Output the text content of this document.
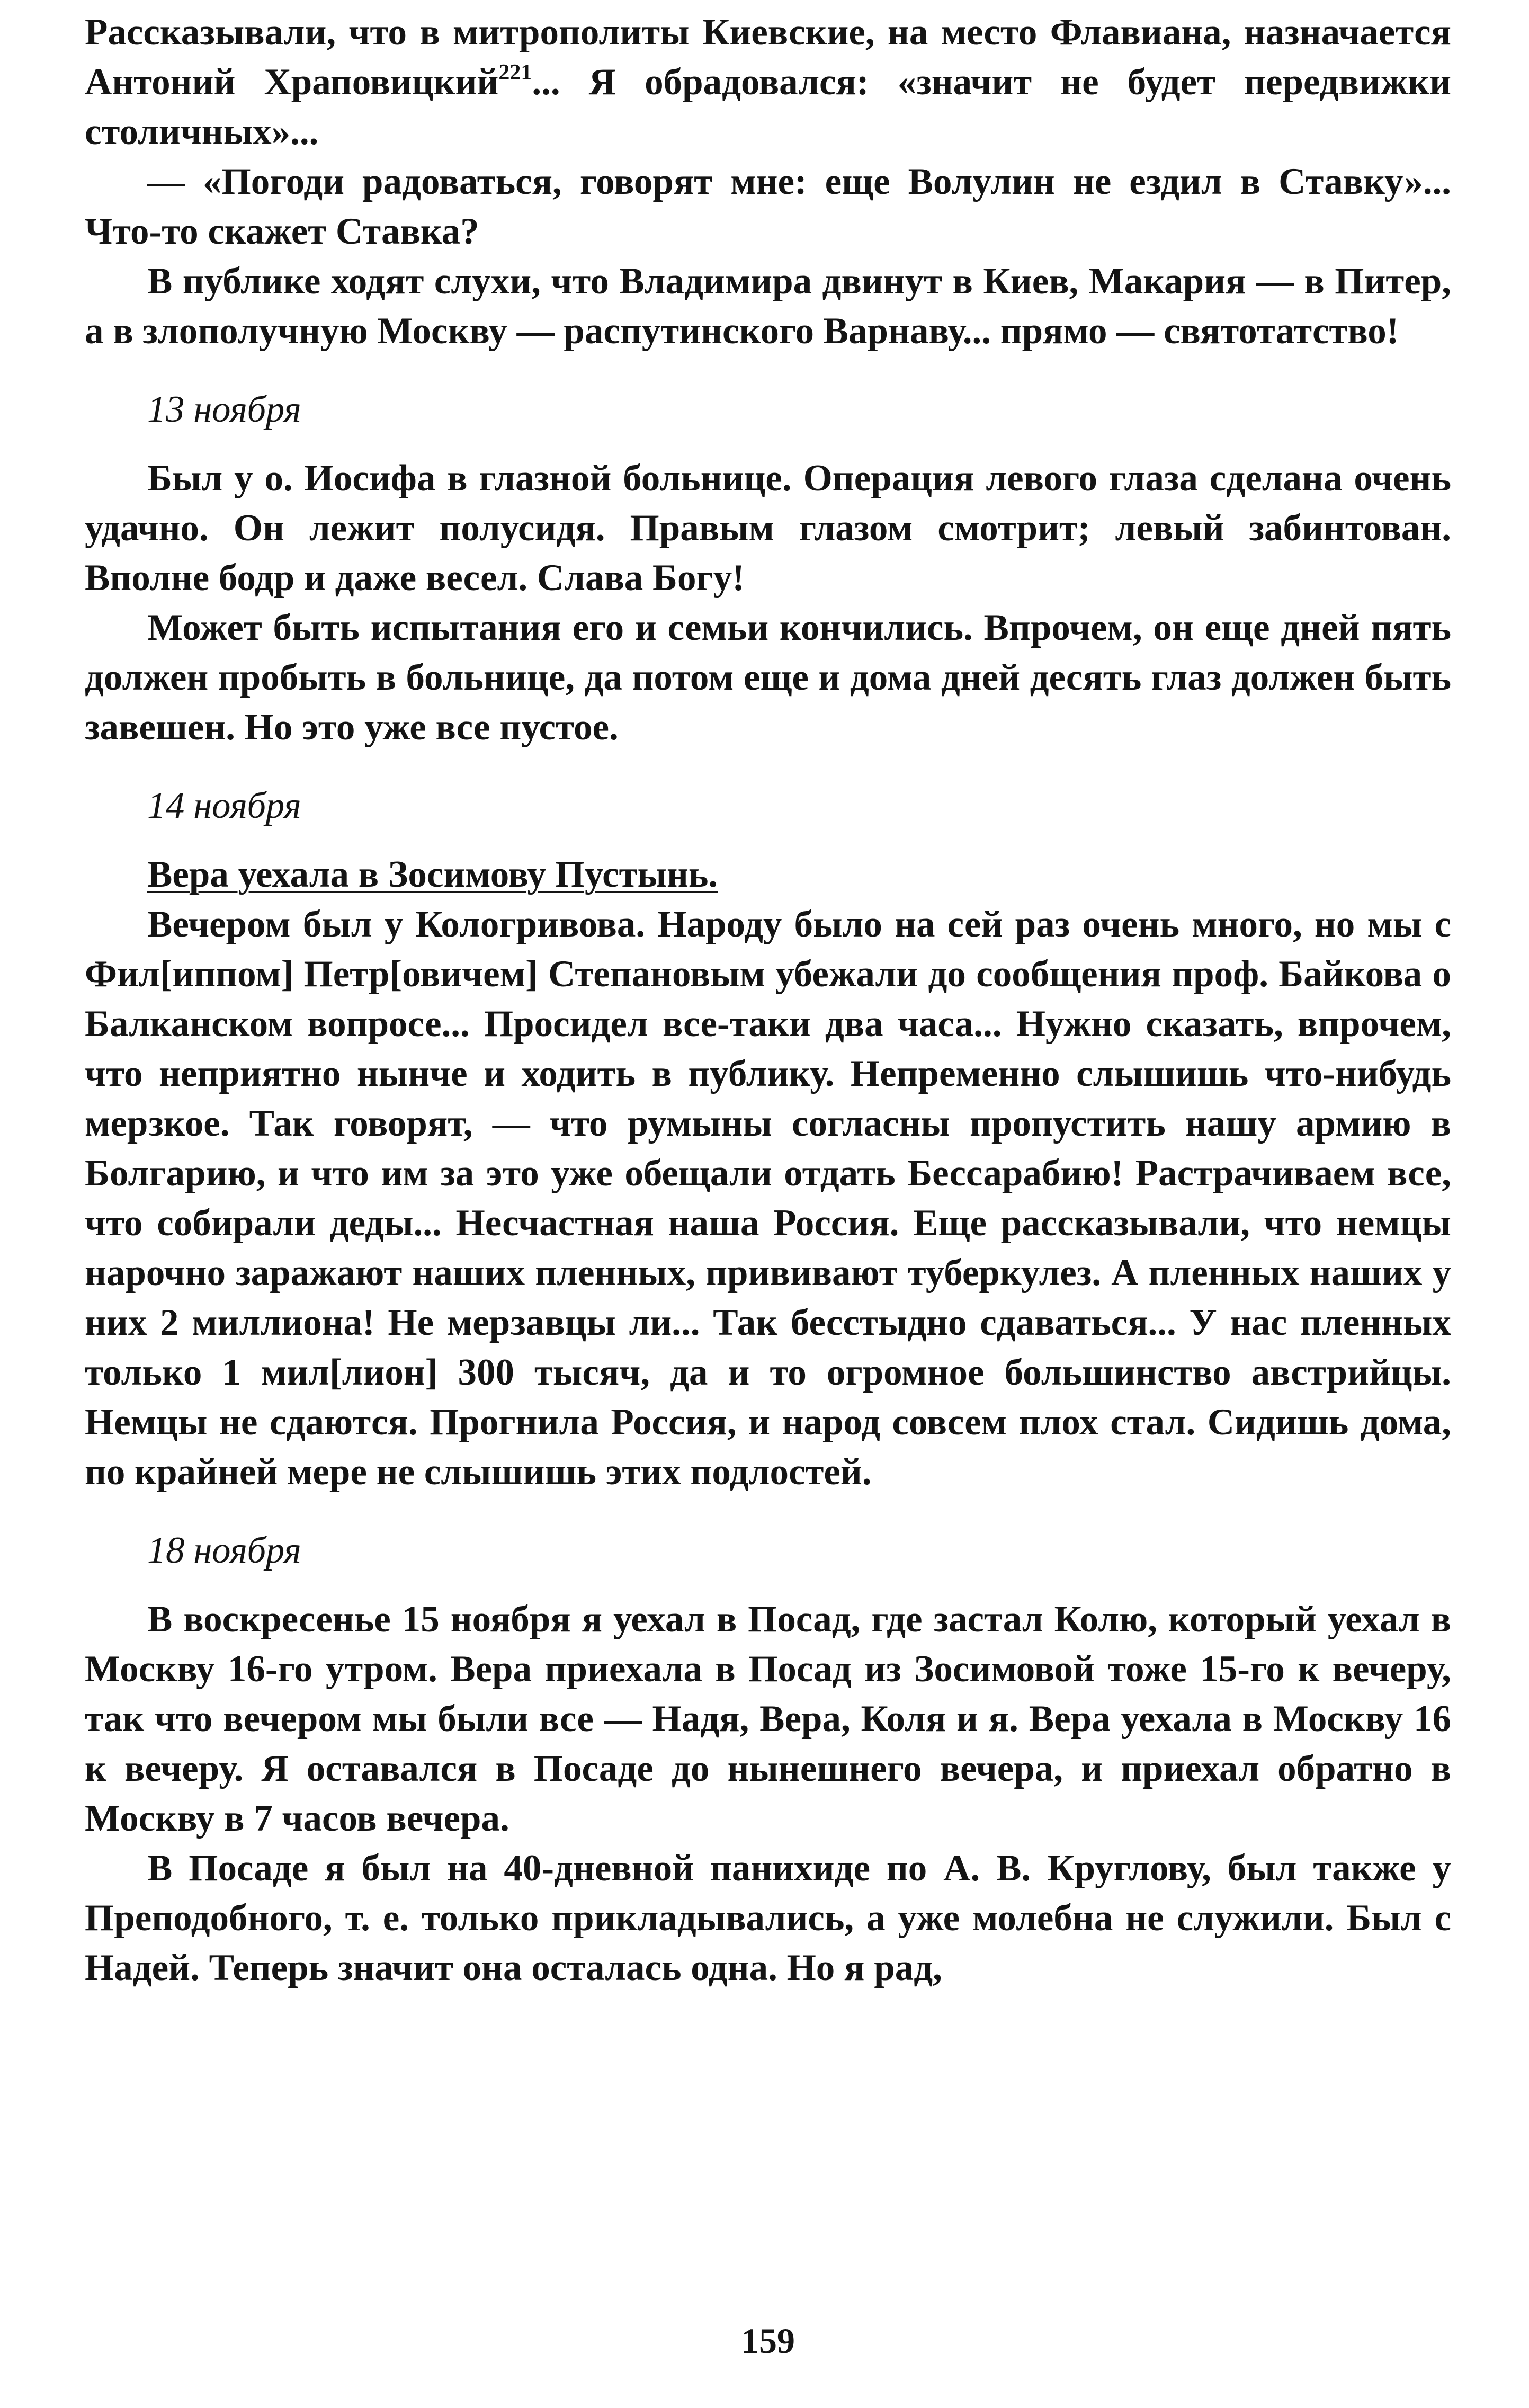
Рассказывали, что в митрополиты Киевские, на место Флавиана, назначается Антоний Храповицкий$^{221}$... Я обрадовался: «значит не будет передвижки столичных»...

— «Погоди радоваться, говорят мне: еще Волулин не ездил в Ставку»... Что-то скажет Ставка?

В публике ходят слухи, что Владимира двинут в Киев, Макария — в Питер, а в злополучную Москву — распутинского Варнаву... прямо — святотатство!

13 ноября

Был у о. Иосифа в глазной больнице. Операция левого глаза сделана очень удачно. Он лежит полусидя. Правым глазом смотрит; левый забинтован. Вполне бодр и даже весел. Слава Богу!

Может быть испытания его и семьи кончились. Впрочем, он еще дней пять должен пробыть в больнице, да потом еще и дома дней десять глаз должен быть завешен. Но это уже все пустое.

14 ноября

Вера уехала в Зосимову Пустынь.

Вечером был у Кологривова. Народу было на сей раз очень много, но мы с Фил[иппом] Петр[овичем] Степановым убежали до сообщения проф. Байкова о Балканском вопросе... Просидел все-таки два часа... Нужно сказать, впрочем, что неприятно нынче и ходить в публику. Непременно слышишь что-нибудь мерзкое. Так говорят, — что румыны согласны пропустить нашу армию в Болгарию, и что им за это уже обещали отдать Бессарабию! Растрачиваем все, что собирали деды... Несчастная наша Россия. Еще рассказывали, что немцы нарочно заражают наших пленных, прививают туберкулез. А пленных наших у них 2 миллиона! Не мерзавцы ли... Так бесстыдно сдаваться... У нас пленных только 1 мил[лион] 300 тысяч, да и то огромное большинство австрийцы. Немцы не сдаются. Прогнила Россия, и народ совсем плох стал. Сидишь дома, по крайней мере не слышишь этих подлостей.

18 ноября

В воскресенье 15 ноября я уехал в Посад, где застал Колю, который уехал в Москву 16-го утром. Вера приехала в Посад из Зосимовой тоже 15-го к вечеру, так что вечером мы были все — Надя, Вера, Коля и я. Вера уехала в Москву 16 к вечеру. Я оставался в Посаде до нынешнего вечера, и приехал обратно в Москву в 7 часов вечера.

В Посаде я был на 40-дневной панихиде по А. В. Круглову, был также у Преподобного, т. е. только прикладывались, а уже молебна не служили. Был с Надей. Теперь значит она осталась одна. Но я рад,

159
